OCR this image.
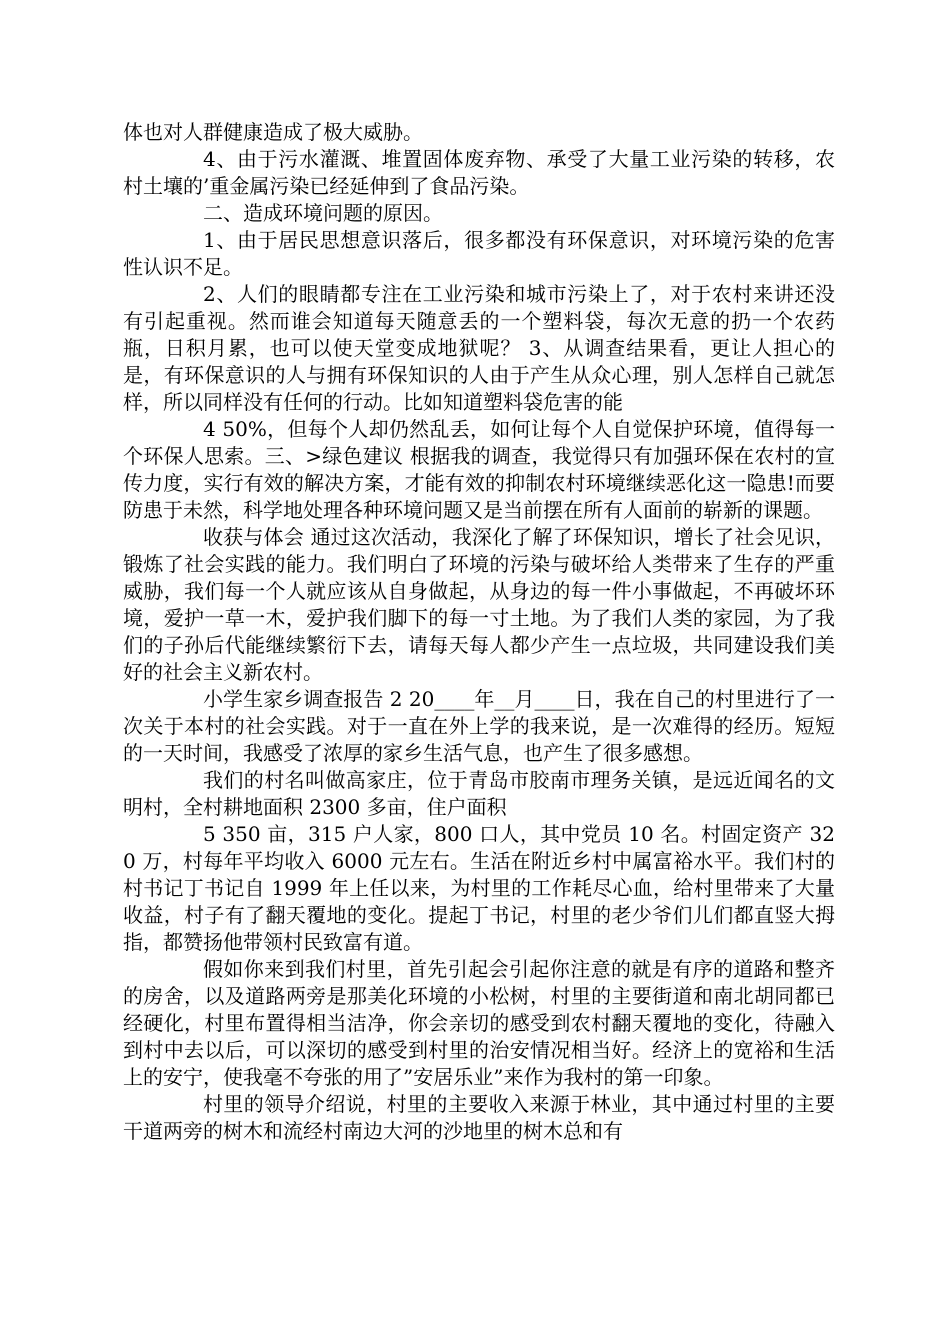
体也对人群健康造成了极大威胁。

4、由于污水灌溉、堆置固体废弃物、承受了大量工业污染的转移，农村土壤的’重金属污染已经延伸到了食品污染。

二、造成环境问题的原因。

1、由于居民思想意识落后，很多都没有环保意识，对环境污染的危害性认识不足。

2、人们的眼睛都专注在工业污染和城市污染上了，对于农村来讲还没有引起重视。然而谁会知道每天随意丢的一个塑料袋，每次无意的扔一个农药瓶，日积月累，也可以使天堂变成地狱呢？ 3、从调查结果看，更让人担心的是，有环保意识的人与拥有环保知识的人由于产生从众心理，别人怎样自己就怎样，所以同样没有任何的行动。比如知道塑料袋危害的能

4 50%，但每个人却仍然乱丢，如何让每个人自觉保护环境，值得每一个环保人思索。三、>绿色建议 根据我的调查，我觉得只有加强环保在农村的宣传力度，实行有效的解决方案，才能有效的抑制农村环境继续恶化这一隐患!而要防患于未然，科学地处理各种环境问题又是当前摆在所有人面前的崭新的课题。

收获与体会 通过这次活动，我深化了解了环保知识，增长了社会见识，锻炼了社会实践的能力。我们明白了环境的污染与破坏给人类带来了生存的严重威胁，我们每一个人就应该从自身做起，从身边的每一件小事做起，不再破坏环境，爱护一草一木，爱护我们脚下的每一寸土地。为了我们人类的家园，为了我们的子孙后代能继续繁衍下去，请每天每人都少产生一点垃圾，共同建设我们美好的社会主义新农村。

小学生家乡调查报告 2 20____年__月____日，我在自己的村里进行了一次关于本村的社会实践。对于一直在外上学的我来说，是一次难得的经历。短短的一天时间，我感受了浓厚的家乡生活气息，也产生了很多感想。

我们的村名叫做高家庄，位于青岛市胶南市理务关镇，是远近闻名的文明村，全村耕地面积 2300 多亩，住户面积

5 350 亩，315 户人家，800 口人，其中党员 10 名。村固定资产 320 万，村每年平均收入 6000 元左右。生活在附近乡村中属富裕水平。我们村的村书记丁书记自 1999 年上任以来，为村里的工作耗尽心血，给村里带来了大量收益，村子有了翻天覆地的变化。提起丁书记，村里的老少爷们儿们都直竖大拇指，都赞扬他带领村民致富有道。

假如你来到我们村里，首先引起会引起你注意的就是有序的道路和整齐的房舍，以及道路两旁是那美化环境的小松树，村里的主要街道和南北胡同都已经硬化，村里布置得相当洁净，你会亲切的感受到农村翻天覆地的变化，待融入到村中去以后，可以深切的感受到村里的治安情况相当好。经济上的宽裕和生活上的安宁，使我毫不夸张的用了”安居乐业”来作为我村的第一印象。

村里的领导介绍说，村里的主要收入来源于林业，其中通过村里的主要干道两旁的树木和流经村南边大河的沙地里的树木总和有
